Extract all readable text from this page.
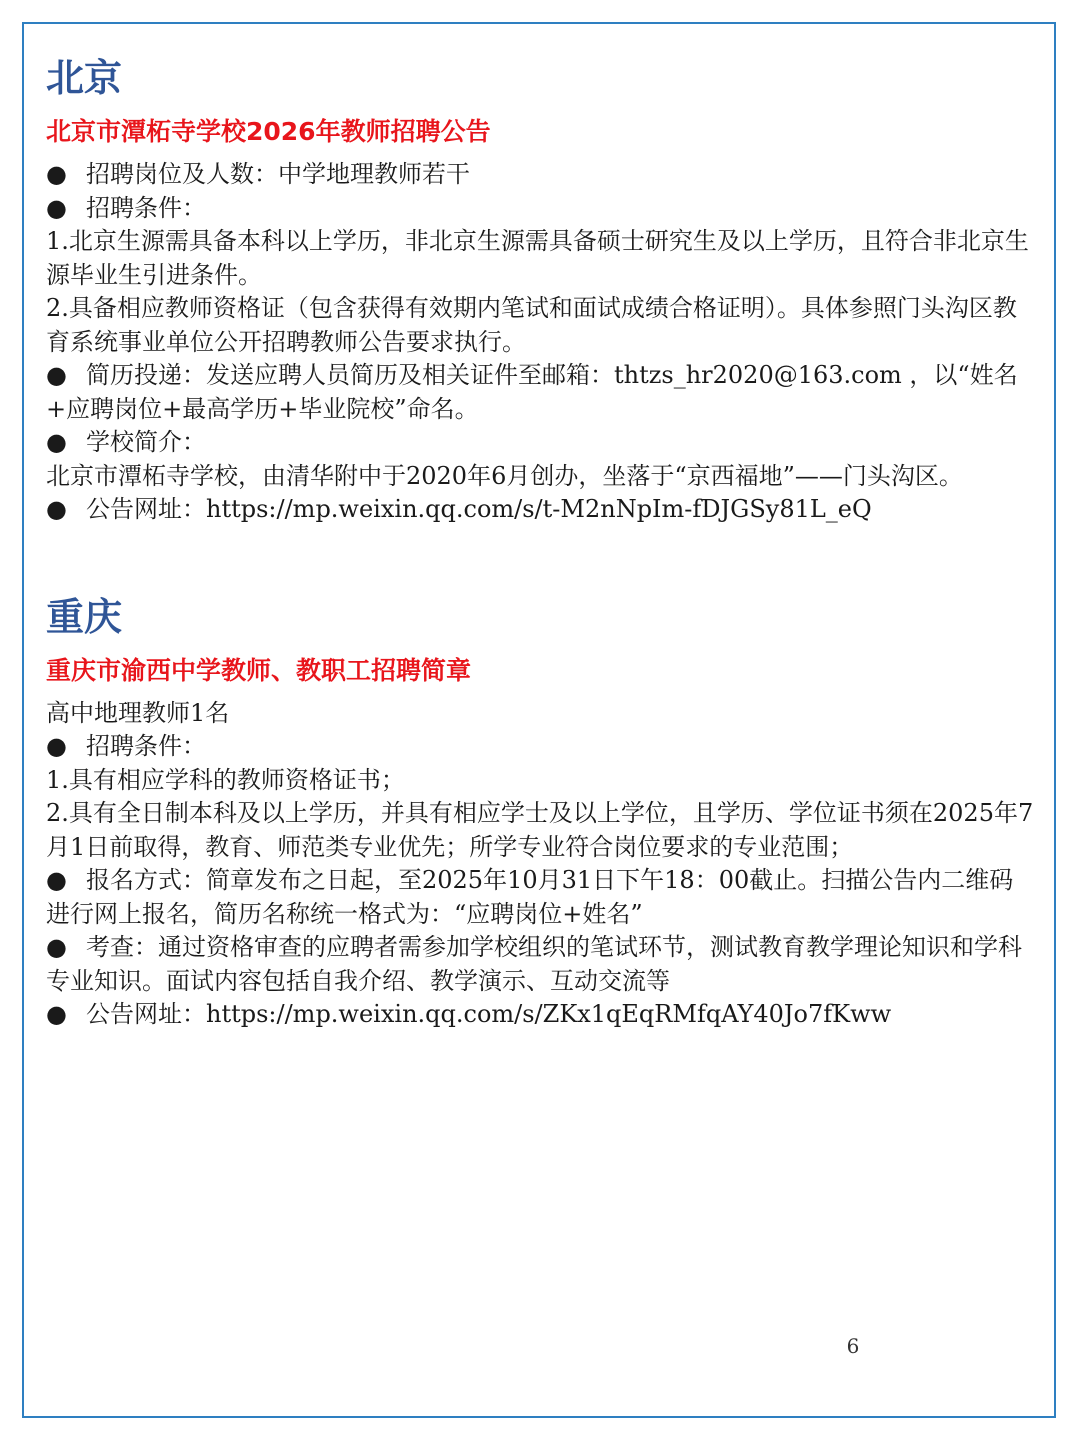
北京
北京市潭柘寺学校2026年教师招聘公告

● 招聘岗位及人数：中学地理教师若干

● 招聘条件：

1.北京生源需具备本科以上学历，非北京生源需具备硕士研究生及以上学历，且符合非北京生源毕业生引进条件。

2.具备相应教师资格证（包含获得有效期内笔试和面试成绩合格证明）。具体参照门头沟区教育系统事业单位公开招聘教师公告要求执行。

● 简历投递：发送应聘人员简历及相关证件至邮箱：thtzs_hr2020@163.com ，以“姓名+应聘岗位+最高学历+毕业院校”命名。

● 学校简介：

北京市潭柘寺学校，由清华附中于2020年6月创办，坐落于“京西福地”——门头沟区。

● 公告网址：https://mp.weixin.qq.com/s/t-M2nNpIm-fDJGSy81L_eQ

重庆
重庆市渝西中学教师、教职工招聘简章

高中地理教师1名

● 招聘条件：

1.具有相应学科的教师资格证书；

2.具有全日制本科及以上学历，并具有相应学士及以上学位，且学历、学位证书须在2025年7月1日前取得，教育、师范类专业优先；所学专业符合岗位要求的专业范围；

● 报名方式：简章发布之日起，至2025年10月31日下午18：00截止。扫描公告内二维码进行网上报名，简历名称统一格式为：“应聘岗位+姓名”

● 考查：通过资格审查的应聘者需参加学校组织的笔试环节，测试教育教学理论知识和学科专业知识。面试内容包括自我介绍、教学演示、互动交流等

● 公告网址：https://mp.weixin.qq.com/s/ZKx1qEqRMfqAY40Jo7fKww

6
